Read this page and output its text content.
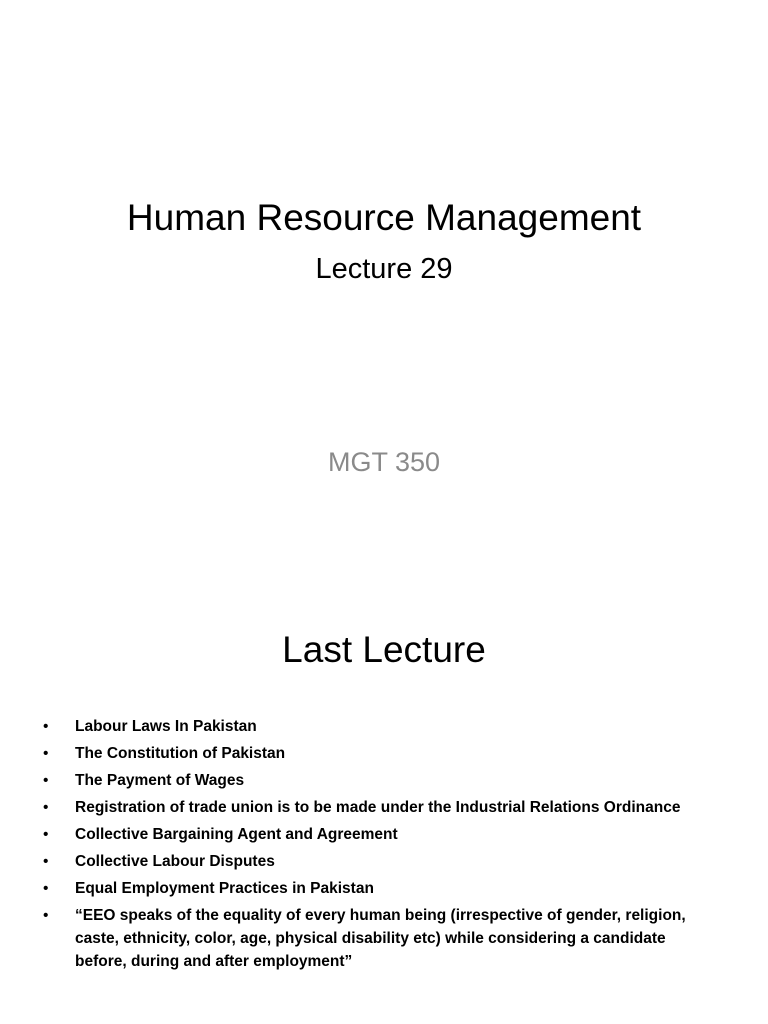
Human Resource Management
Lecture 29
MGT 350
Last Lecture
• Labour Laws In Pakistan
• The Constitution of Pakistan
• The Payment of Wages
• Registration of trade union is to be made under the Industrial Relations Ordinance
• Collective Bargaining Agent and Agreement
• Collective Labour Disputes
• Equal Employment Practices in Pakistan
• “EEO speaks of the equality of every human being (irrespective of gender, religion, caste, ethnicity, color, age, physical disability etc) while considering a candidate before, during and after employment”
